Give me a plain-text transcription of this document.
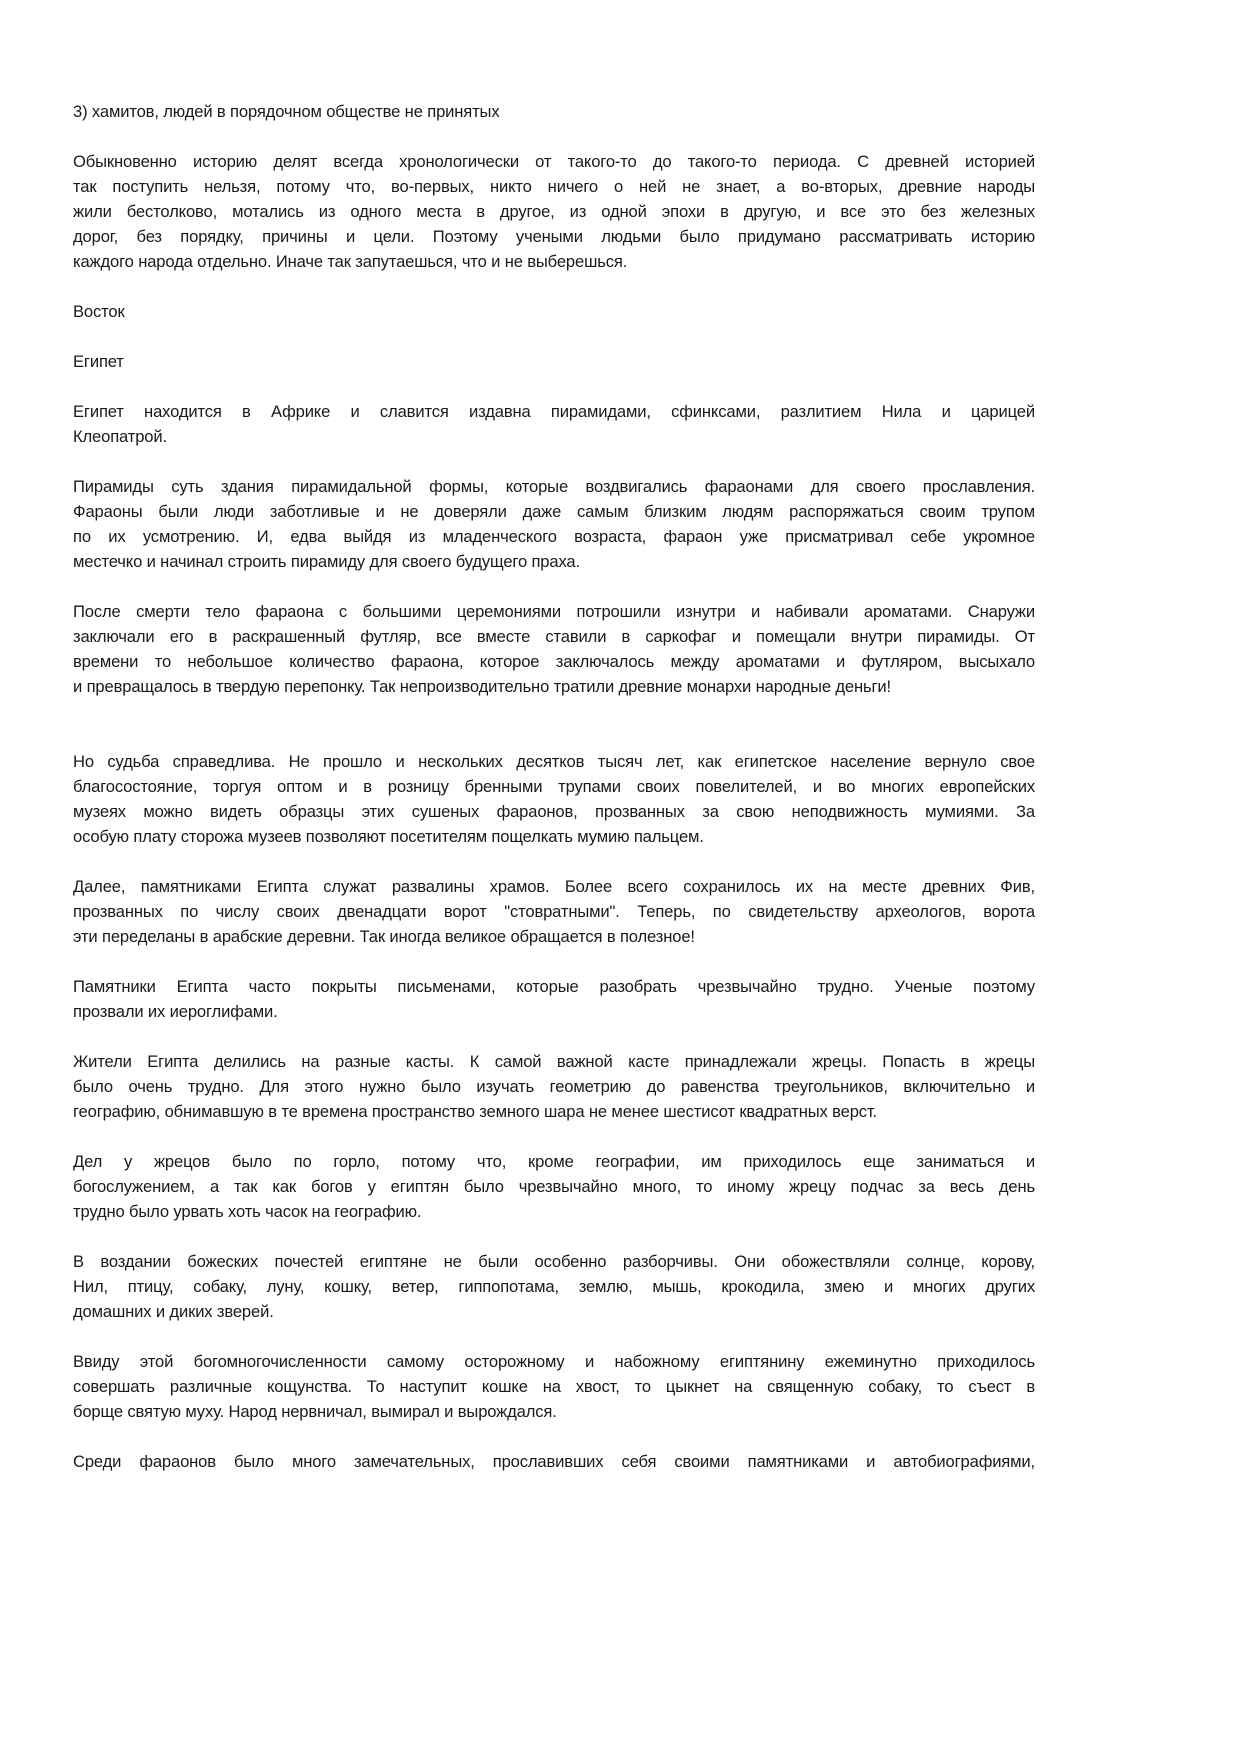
3) хамитов, людей в порядочном обществе не принятых
Обыкновенно историю делят всегда хронологически от такого-то до такого-то периода. С древней историей
так поступить нельзя, потому что, во-первых, никто ничего о ней не знает, а во-вторых, древние народы
жили бестолково, мотались из одного места в другое, из одной эпохи в другую, и все это без железных
дорог, без порядку, причины и цели. Поэтому учеными людьми было придумано рассматривать историю
каждого народа отдельно. Иначе так запутаешься, что и не выберешься.
Восток
Египет
Египет находится в Африке и славится издавна пирамидами, сфинксами, разлитием Нила и царицей
Клеопатрой.
Пирамиды суть здания пирамидальной формы, которые воздвигались фараонами для своего прославления.
Фараоны были люди заботливые и не доверяли даже самым близким людям распоряжаться своим трупом
по их усмотрению. И, едва выйдя из младенческого возраста, фараон уже присматривал себе укромное
местечко и начинал строить пирамиду для своего будущего праха.
После смерти тело фараона с большими церемониями потрошили изнутри и набивали ароматами. Снаружи
заключали его в раскрашенный футляр, все вместе ставили в саркофаг и помещали внутри пирамиды. От
времени то небольшое количество фараона, которое заключалось между ароматами и футляром, высыхало
и превращалось в твердую перепонку. Так непроизводительно тратили древние монархи народные деньги!
Но судьба справедлива. Не прошло и нескольких десятков тысяч лет, как египетское население вернуло свое
благосостояние, торгуя оптом и в розницу бренными трупами своих повелителей, и во многих европейских
музеях можно видеть образцы этих сушеных фараонов, прозванных за свою неподвижность мумиями. За
особую плату сторожа музеев позволяют посетителям пощелкать мумию пальцем.
Далее, памятниками Египта служат развалины храмов. Более всего сохранилось их на месте древних Фив,
прозванных по числу своих двенадцати ворот "стовратными". Теперь, по свидетельству археологов, ворота
эти переделаны в арабские деревни. Так иногда великое обращается в полезное!
Памятники Египта часто покрыты письменами, которые разобрать чрезвычайно трудно. Ученые поэтому
прозвали их иероглифами.
Жители Египта делились на разные касты. К самой важной касте принадлежали жрецы. Попасть в жрецы
было очень трудно. Для этого нужно было изучать геометрию до равенства треугольников, включительно и
географию, обнимавшую в те времена пространство земного шара не менее шестисот квадратных верст.
Дел у жрецов было по горло, потому что, кроме географии, им приходилось еще заниматься и
богослужением, а так как богов у египтян было чрезвычайно много, то иному жрецу подчас за весь день
трудно было урвать хоть часок на географию.
В воздании божеских почестей египтяне не были особенно разборчивы. Они обожествляли солнце, корову,
Нил, птицу, собаку, луну, кошку, ветер, гиппопотама, землю, мышь, крокодила, змею и многих других
домашних и диких зверей.
Ввиду этой богомногочисленности самому осторожному и набожному египтянину ежеминутно приходилось
совершать различные кощунства. То наступит кошке на хвост, то цыкнет на священную собаку, то съест в
борще святую муху. Народ нервничал, вымирал и вырождался.
Среди фараонов было много замечательных, прославивших себя своими памятниками и автобиографиями,
